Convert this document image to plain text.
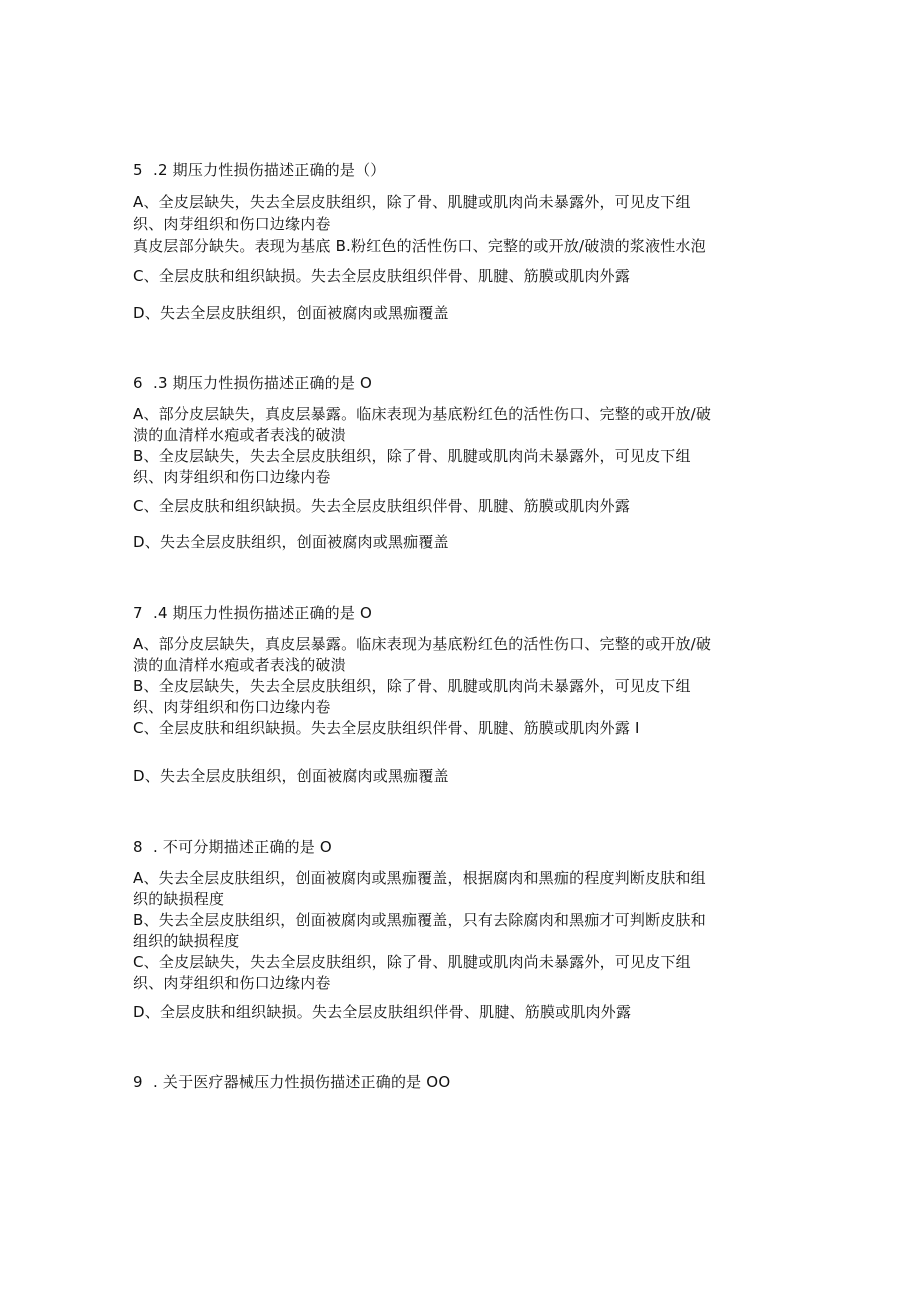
5 .2 期压力性损伤描述正确的是（）
A、全皮层缺失，失去全层皮肤组织，除了骨、肌腱或肌肉尚未暴露外，可见皮下组
织、肉芽组织和伤口边缘内卷
真皮层部分缺失。表现为基底 B.粉红色的活性伤口、完整的或开放/破溃的浆液性水泡
C、全层皮肤和组织缺损。失去全层皮肤组织伴骨、肌腱、筋膜或肌肉外露
D、失去全层皮肤组织，创面被腐肉或黑痂覆盖
6 .3 期压力性损伤描述正确的是 O
A、部分皮层缺失，真皮层暴露。临床表现为基底粉红色的活性伤口、完整的或开放/破
溃的血清样水疱或者表浅的破溃
B、全皮层缺失，失去全层皮肤组织，除了骨、肌腱或肌肉尚未暴露外，可见皮下组
织、肉芽组织和伤口边缘内卷
C、全层皮肤和组织缺损。失去全层皮肤组织伴骨、肌腱、筋膜或肌肉外露
D、失去全层皮肤组织，创面被腐肉或黑痂覆盖
7 .4 期压力性损伤描述正确的是 O
A、部分皮层缺失，真皮层暴露。临床表现为基底粉红色的活性伤口、完整的或开放/破
溃的血清样水疱或者表浅的破溃
B、全皮层缺失，失去全层皮肤组织，除了骨、肌腱或肌肉尚未暴露外，可见皮下组
织、肉芽组织和伤口边缘内卷
C、全层皮肤和组织缺损。失去全层皮肤组织伴骨、肌腱、筋膜或肌肉外露 I
D、失去全层皮肤组织，创面被腐肉或黑痂覆盖
8 . 不可分期描述正确的是 O
A、失去全层皮肤组织，创面被腐肉或黑痂覆盖，根据腐肉和黑痂的程度判断皮肤和组
织的缺损程度
B、失去全层皮肤组织，创面被腐肉或黑痂覆盖，只有去除腐肉和黑痂才可判断皮肤和
组织的缺损程度
C、全皮层缺失，失去全层皮肤组织，除了骨、肌腱或肌肉尚未暴露外，可见皮下组
织、肉芽组织和伤口边缘内卷
D、全层皮肤和组织缺损。失去全层皮肤组织伴骨、肌腱、筋膜或肌肉外露
9 . 关于医疗器械压力性损伤描述正确的是 OO
